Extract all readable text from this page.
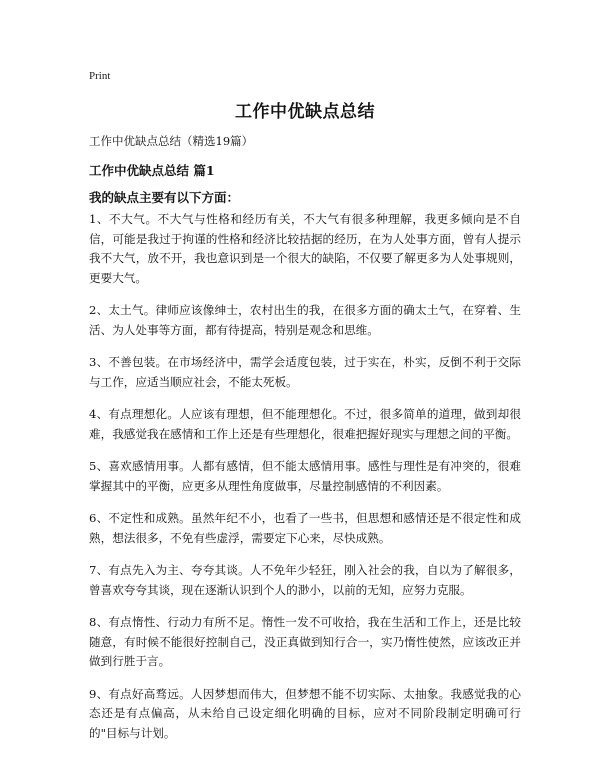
Print
工作中优缺点总结
工作中优缺点总结（精选19篇）
工作中优缺点总结 篇1
我的缺点主要有以下方面：

1、不大气。不大气与性格和经历有关，不大气有很多种理解，我更多倾向是不自信，可能是我过于拘谨的性格和经济比较拮据的经历，在为人处事方面，曾有人提示我不大气，放不开，我也意识到是一个很大的缺陷，不仅要了解更多为人处事规则，更要大气。

2、太土气。律师应该像绅士，农村出生的我，在很多方面的确太土气，在穿着、生活、为人处事等方面，都有待提高，特别是观念和思维。

3、不善包装。在市场经济中，需学会适度包装，过于实在，朴实，反倒不利于交际与工作，应适当顺应社会，不能太死板。

4、有点理想化。人应该有理想，但不能理想化。不过，很多简单的道理，做到却很难，我感觉我在感情和工作上还是有些理想化，很难把握好现实与理想之间的平衡。

5、喜欢感情用事。人都有感情，但不能太感情用事。感性与理性是有冲突的，很难掌握其中的平衡，应更多从理性角度做事，尽量控制感情的不利因素。

6、不定性和成熟。虽然年纪不小，也看了一些书，但思想和感情还是不很定性和成熟，想法很多，不免有些虚浮，需要定下心来，尽快成熟。

7、有点先入为主、夸夸其谈。人不免年少轻狂，刚入社会的我，自以为了解很多，曾喜欢夸夸其谈，现在逐渐认识到个人的渺小，以前的无知，应努力克服。

8、有点惰性、行动力有所不足。惰性一发不可收拾，我在生活和工作上，还是比较随意，有时候不能很好控制自己，没正真做到知行合一，实乃惰性使然，应该改正并做到行胜于言。

9、有点好高骛远。人因梦想而伟大，但梦想不能不切实际、太抽象。我感觉我的心态还是有点偏高，从未给自己设定细化明确的目标，应对不同阶段制定明确可行的"目标与计划。
